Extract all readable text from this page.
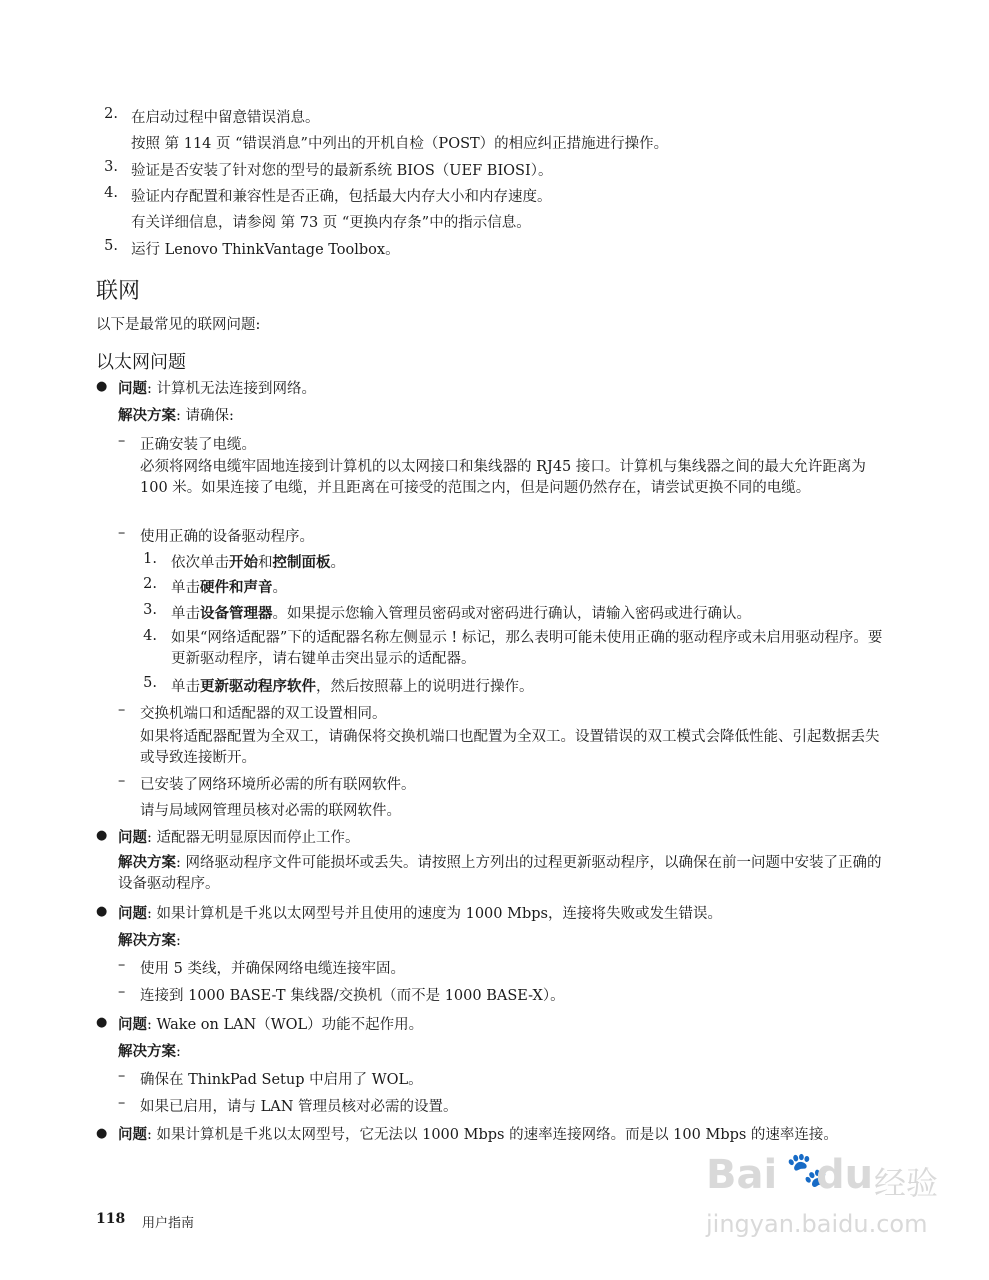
2. 在启动过程中留意错误消息。

按照 第 114 页 “错误消息”中列出的开机自检（POST）的相应纠正措施进行操作。

3. 验证是否安装了针对您的型号的最新系统 BIOS（UEF BIOSI）。

4. 验证内存配置和兼容性是否正确，包括最大内存大小和内存速度。

有关详细信息，请参阅 第 73 页 “更换内存条”中的指示信息。

5. 运行 Lenovo ThinkVantage Toolbox。

联网

以下是最常见的联网问题:

以太网问题
● 问题: 计算机无法连接到网络。

解决方案: 请确保:

– 正确安装了电缆。

必须将网络电缆牢固地连接到计算机的以太网接口和集线器的 RJ45 接口。计算机与集线器之间的最大允许距离为 100 米。如果连接了电缆，并且距离在可接受的范围之内，但是问题仍然存在，请尝试更换不同的电缆。

– 使用正确的设备驱动程序。

1. 依次单击开始和控制面板。

2. 单击硬件和声音。

3. 单击设备管理器。如果提示您输入管理员密码或对密码进行确认，请输入密码或进行确认。

4. 如果“网络适配器”下的适配器名称左侧显示 ! 标记，那么表明可能未使用正确的驱动程序或未启用驱动程序。要更新驱动程序，请右键单击突出显示的适配器。

5. 单击更新驱动程序软件，然后按照幕上的说明进行操作。

– 交换机端口和适配器的双工设置相同。

如果将适配器配置为全双工，请确保将交换机端口也配置为全双工。设置错误的双工模式会降低性能、引起数据丢失或导致连接断开。

– 已安装了网络环境所必需的所有联网软件。

请与局域网管理员核对必需的联网软件。

● 问题: 适配器无明显原因而停止工作。

解决方案: 网络驱动程序文件可能损坏或丢失。请按照上方列出的过程更新驱动程序，以确保在前一问题中安装了正确的设备驱动程序。

● 问题: 如果计算机是千兆以太网型号并且使用的速度为 1000 Mbps，连接将失败或发生错误。

解决方案:

– 使用 5 类线，并确保网络电缆连接牢固。

– 连接到 1000 BASE-T 集线器/交换机（而不是 1000 BASE-X）。

● 问题: Wake on LAN（WOL）功能不起作用。

解决方案:

– 确保在 ThinkPad Setup 中启用了 WOL。

– 如果已启用，请与 LAN 管理员核对必需的设置。

● 问题: 如果计算机是千兆以太网型号，它无法以 1000 Mbps 的速率连接网络。而是以 100 Mbps 的速率连接。

118 用户指南
Bai 🐾
du 经验
jingyan.baidu.com
